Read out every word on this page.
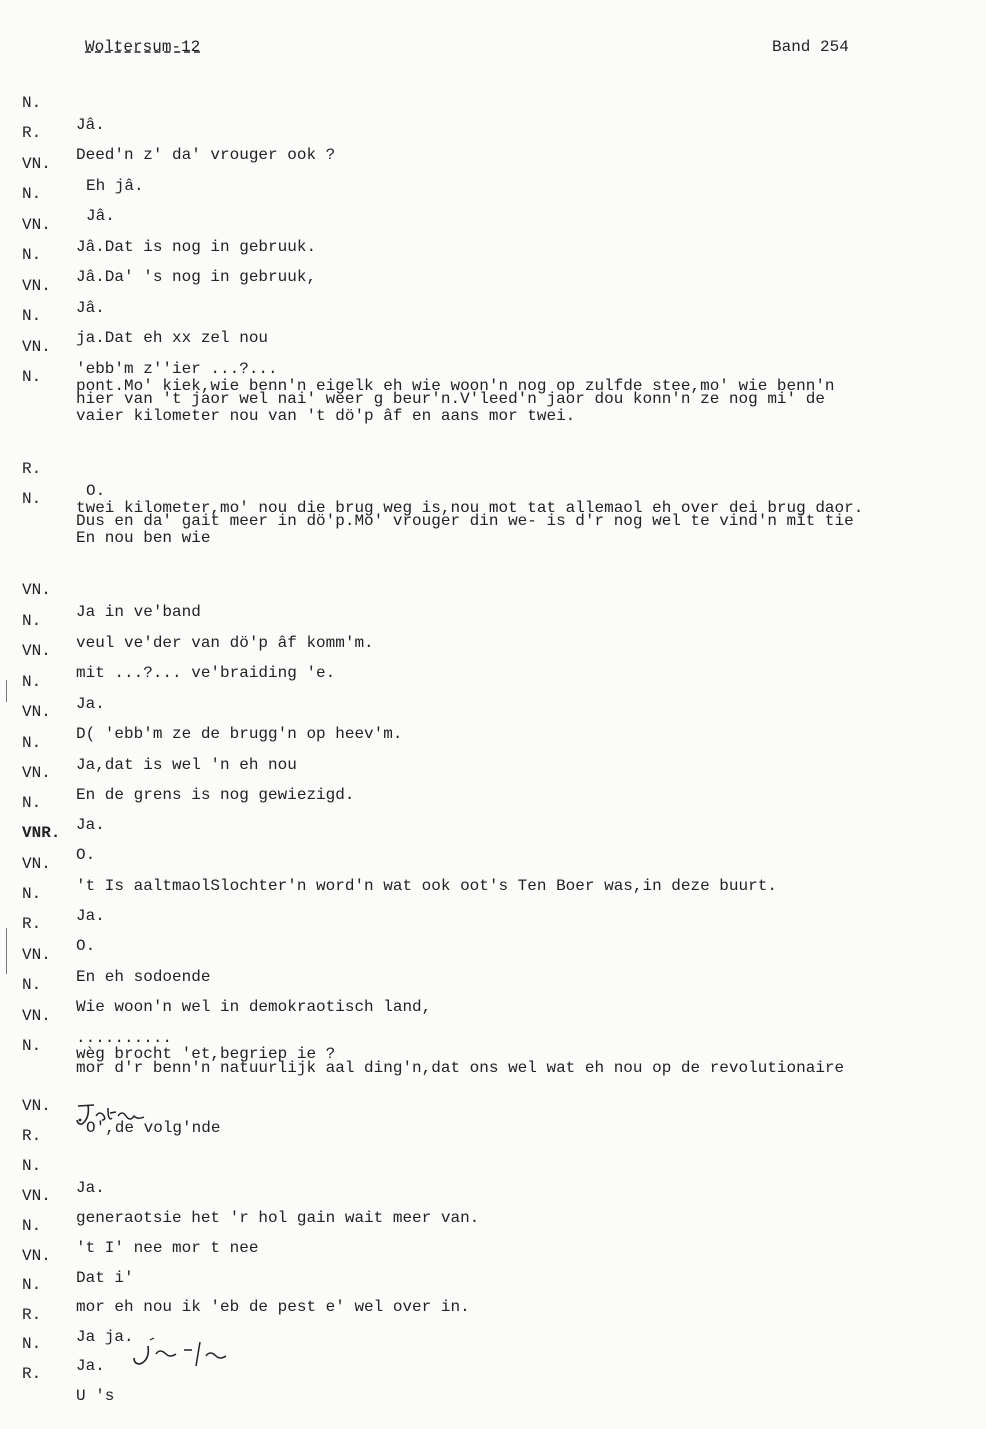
Woltersum-12	Band 254

N.

Jâ.

R.

Deed'n z' da' vrouger ook ?

VN.

Eh jâ.

N.

Jâ.

VN.

Jâ.Dat is nog in gebruuk.

N.

Jâ.Da' 's nog in gebruuk,

VN.

Jâ.

N.

ja.Dat eh xx zel nou

VN.

'ebb'm z''ier ...?...

N.

hier van 't jaor wel nai' weer g beur'n.V'leed'n jaor dou konn'n ze nog mi' de

pont.Mo' kiek,wie benn'n eigelk eh wie woon'n nog op zulfde stee,mo' wie benn'n
vaier kilometer nou van 't dö'p âf en aans mor twei.

R.

O.

N.

Dus en da' gait meer in dö'p.Mo' vrouger din we- is d'r nog wel te vind'n mit tie

twei kilometer,mo' nou die brug weg is,nou mot tat allemaol eh over dei brug daor.
En nou ben wie

VN.

Ja in ve'band

N.

veul ve'der van dö'p âf komm'm.

VN.

mit ...?... ve'braiding 'e.

N.

Ja.

VN.

D( 'ebb'm ze de brugg'n op heev'm.

N.

Ja,dat is wel 'n eh nou

VN.

En de grens is nog gewiezigd.

N.

Ja.

VNR.

O.

VN.

't Is aaltmaolSlochter'n word'n wat ook oot's Ten Boer was,in deze buurt.

N.

Ja.

R.

O.

VN.

En eh sodoende

N.

Wie woon'n wel in demokraotisch land,

VN.

..........

N.

mor d'r benn'n natuurlijk aal ding'n,dat ons wel wat eh nou op de revolutionaire

wèg brocht 'et,begriep ie ?

VN.

O',de volg'nde

R.

N.

Ja.

VN.

generaotsie het 'r hol gain wait meer van.

N.

't I' nee mor t nee

VN.

Dat i'

N.

mor eh nou ik 'eb de pest e' wel over in.

R.

Ja ja.

N.

Ja.

R.

U 's
